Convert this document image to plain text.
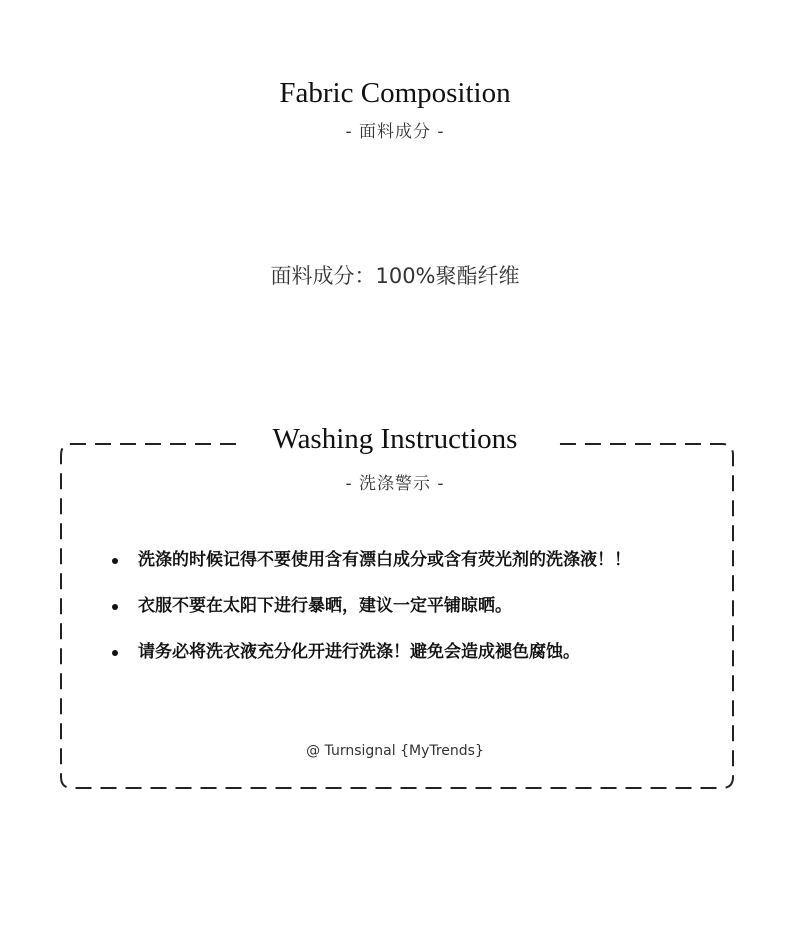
Fabric Composition
- 面料成分 -
面料成分：100%聚酯纤维
Washing Instructions
- 洗涤警示 -
洗涤的时候记得不要使用含有漂白成分或含有荧光剂的洗涤液！！
衣服不要在太阳下进行暴晒，建议一定平铺晾晒。
请务必将洗衣液充分化开进行洗涤！避免会造成褪色腐蚀。
@ Turnsignal {MyTrends}
